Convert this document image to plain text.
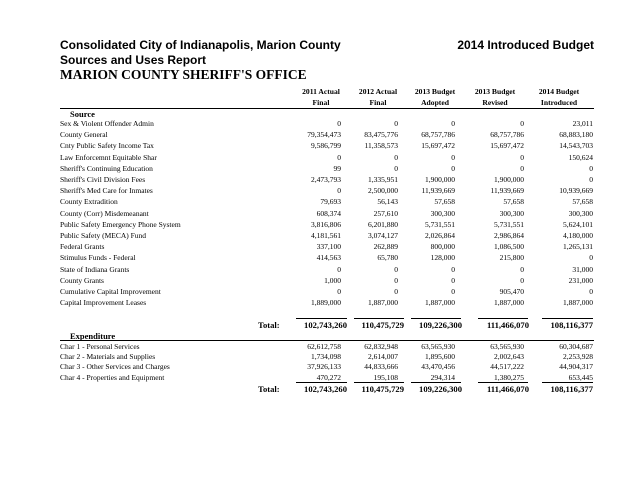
Consolidated City of Indianapolis, Marion County
Sources and Uses Report
2014 Introduced Budget
MARION COUNTY SHERIFF'S OFFICE
2011 Actual
Final
2012 Actual
Final
2013 Budget
Adopted
2013 Budget
Revised
2014 Budget
Introduced
Source
Sex & Violent Offender Admin	0	0	0	0	23,011
County General	79,354,473	83,475,776	68,757,786	68,757,786	68,883,180
Cnty Public Safety Income Tax	9,586,799	11,358,573	15,697,472	15,697,472	14,543,703
Law Enforcemnt Equitable Shar	0	0	0	0	150,624
Sheriff's Continuing Education	99	0	0	0	0
Sheriff's Civil Division Fees	2,473,793	1,335,951	1,900,000	1,900,000	0
Sheriff's Med Care for Inmates	0	2,500,000	11,939,669	11,939,669	10,939,669
County Extradition	79,693	56,143	57,658	57,658	57,658
County (Corr) Misdemeanant	608,374	257,610	300,300	300,300	300,300
Public Safety Emergency Phone System	3,816,806	6,201,880	5,731,551	5,731,551	5,624,101
Public Safety (MECA) Fund	4,181,561	3,074,127	2,026,864	2,986,864	4,180,000
Federal Grants	337,100	262,889	800,000	1,086,500	1,265,131
Stimulus Funds - Federal	414,563	65,780	128,000	215,800	0
State of Indiana Grants	0	0	0	0	31,000
County Grants	1,000	0	0	0	231,000
Cumulative Capital Improvement	0	0	0	905,470	0
Capital Improvement Leases	1,889,000	1,887,000	1,887,000	1,887,000	1,887,000
Total:	102,743,260 110,475,729 109,226,300	111,466,070	108,116,377
Expenditure
Char 1 - Personal Services	62,612,758	62,832,948	63,565,930	63,565,930	60,304,687
Char 2 - Materials and Supplies	1,734,098	2,614,007	1,895,600	2,002,643	2,253,928
Char 3 - Other Services and Charges	37,926,133	44,833,666	43,470,456	44,517,222	44,904,317
Char 4 - Properties and Equipment	470,272	195,108	294,314	1,380,275	653,445
Total:	102,743,260 110,475,729 109,226,300	111,466,070	108,116,377
